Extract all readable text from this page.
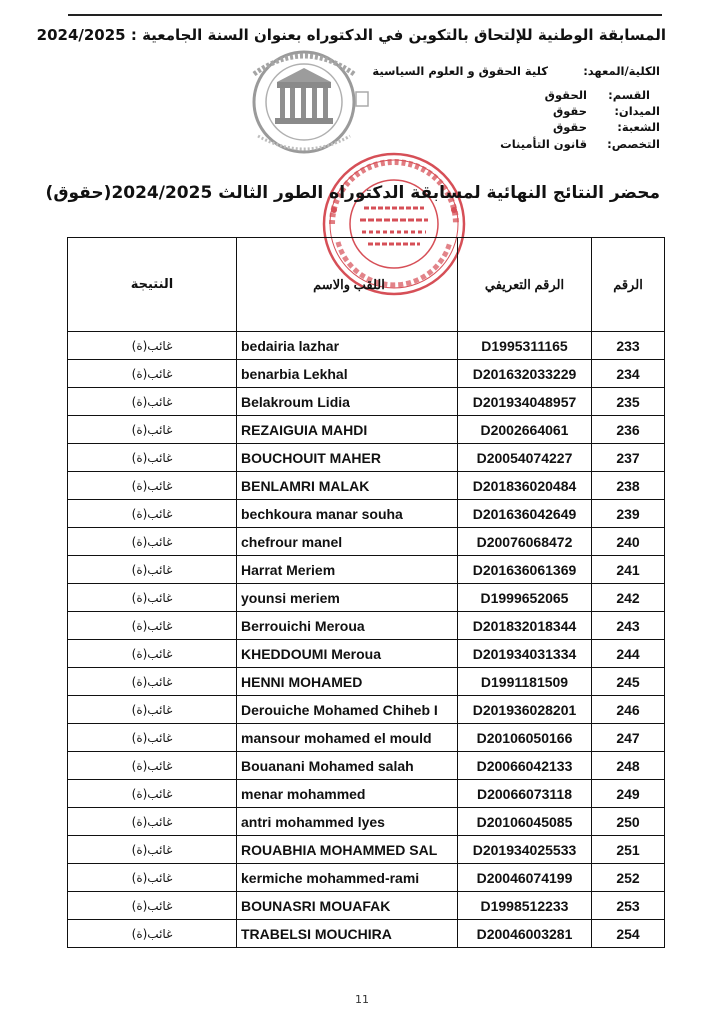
المسابقة الوطنية للإلتحاق بالتكوين في الدكتوراه بعنوان السنة الجامعية : 2024/2025
الكلية/المعهد:
كلية الحقوق و العلوم السياسية
القسم:
الحقوق
الميدان:
حقوق
الشعبة:
حقوق
التخصص:
قانون التأمينات
محضر النتائج النهائية لمسابقة الدكتوراه الطور الثالث 2024/2025(حقوق)
النتيجة	اللقب والاسم	الرقم التعريفي	الرقم
غائب(ة)	bedairia lazhar	D1995311165	233
غائب(ة)	benarbia Lekhal	D201632033229	234
غائب(ة)	Belakroum Lidia	D201934048957	235
غائب(ة)	REZAIGUIA MAHDI	D2002664061	236
غائب(ة)	BOUCHOUIT MAHER	D20054074227	237
غائب(ة)	BENLAMRI MALAK	D201836020484	238
غائب(ة)	bechkoura manar souha	D201636042649	239
غائب(ة)	chefrour manel	D20076068472	240
غائب(ة)	Harrat Meriem	D201636061369	241
غائب(ة)	younsi meriem	D1999652065	242
غائب(ة)	Berrouichi Meroua	D201832018344	243
غائب(ة)	KHEDDOUMI Meroua	D201934031334	244
غائب(ة)	HENNI MOHAMED	D1991181509	245
غائب(ة)	Derouiche Mohamed Chiheb I	D201936028201	246
غائب(ة)	mansour mohamed el mould	D20106050166	247
غائب(ة)	Bouanani Mohamed salah	D20066042133	248
غائب(ة)	menar mohammed	D20066073118	249
غائب(ة)	antri mohammed lyes	D20106045085	250
غائب(ة)	ROUABHIA MOHAMMED SAL	D201934025533	251
غائب(ة)	kermiche mohammed-rami	D20046074199	252
غائب(ة)	BOUNASRI MOUAFAK	D1998512233	253
غائب(ة)	TRABELSI MOUCHIRA	D20046003281	254
11
